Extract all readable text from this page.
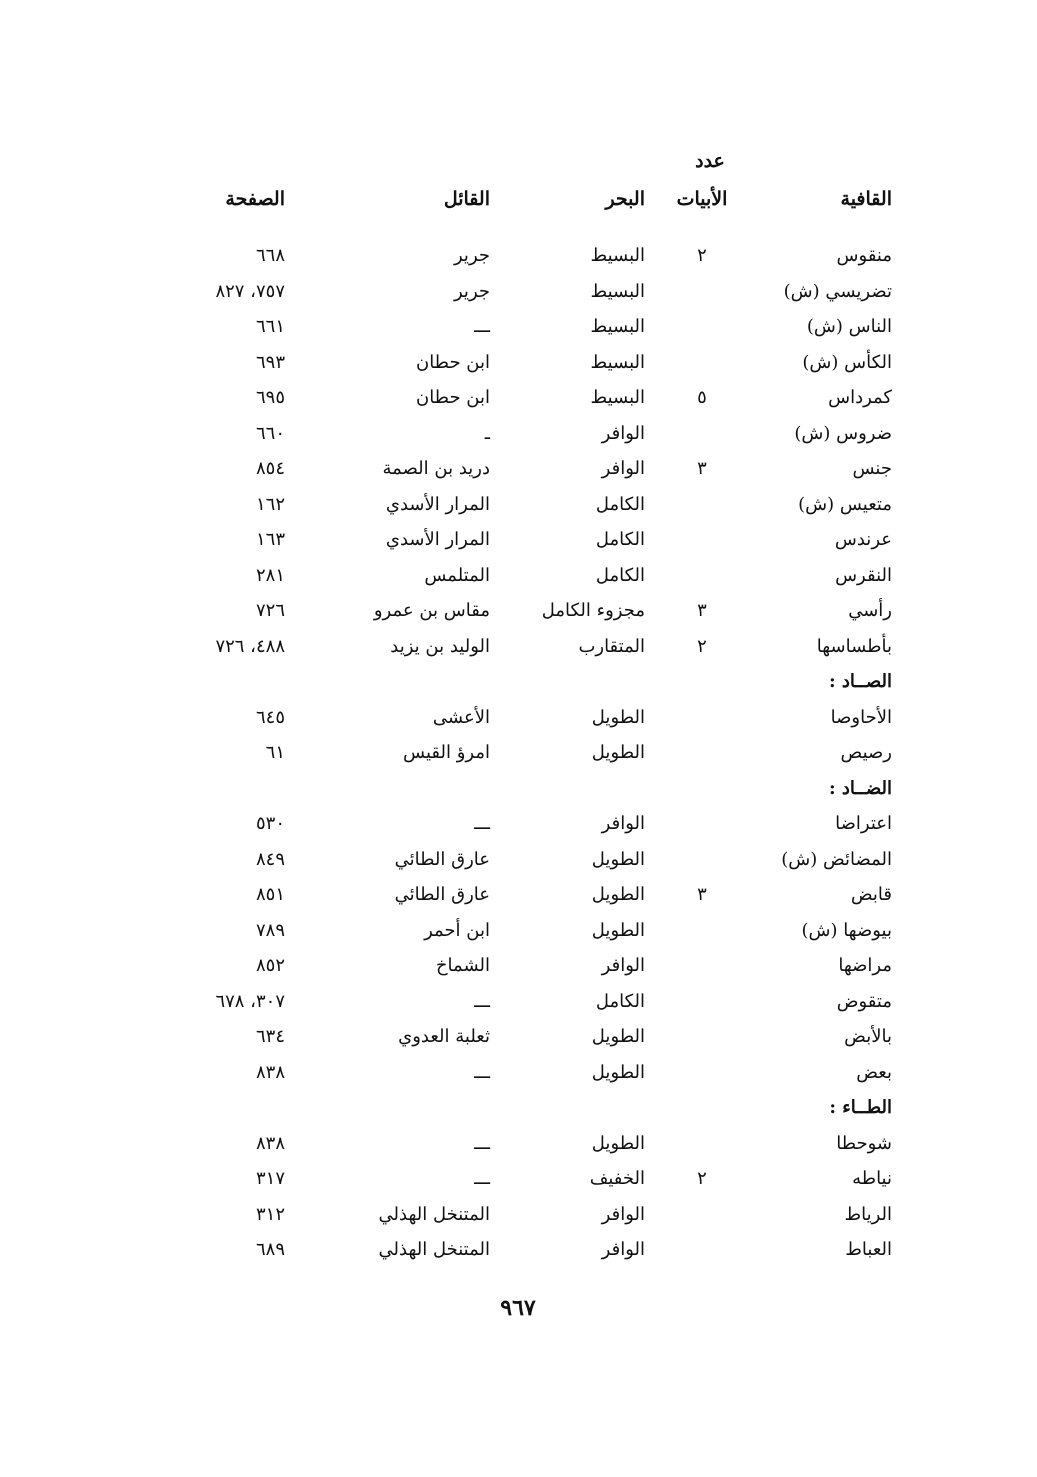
عدد
القافية
الأبيات
البحر
القائل
الصفحة
منقوس
٢
البسيط
جرير
٦٦٨
تضريسي (ش)
البسيط
جرير
٧٥٧، ٨٢٧
الناس (ش)
البسيط
ـــ
٦٦١
الكأس (ش)
البسيط
ابن حطان
٦٩٣
كمرداس
٥
البسيط
ابن حطان
٦٩٥
ضروس (ش)
الوافر
ـ
٦٦٠
جنس
٣
الوافر
دريد بن الصمة
٨٥٤
متعيس (ش)
الكامل
المرار الأسدي
١٦٢
عرندس
الكامل
المرار الأسدي
١٦٣
النقرس
الكامل
المتلمس
٢٨١
رأسي
٣
مجزوء الكامل
مقاس بن عمرو
٧٢٦
بأطساسها
٢
المتقارب
الوليد بن يزيد
٤٨٨، ٧٢٦
الصــاد :
الأحاوصا
الطويل
الأعشى
٦٤٥
رصيص
الطويل
امرؤ القيس
٦١
الضــاد :
اعتراضا
الوافر
ـــ
٥٣٠
المضائض (ش)
الطويل
عارق الطائي
٨٤٩
قابض
٣
الطويل
عارق الطائي
٨٥١
بيوضها (ش)
الطويل
ابن أحمر
٧٨٩
مراضها
الوافر
الشماخ
٨٥٢
متقوض
الكامل
ـــ
٣٠٧، ٦٧٨
بالأبض
الطويل
ثعلبة العدوي
٦٣٤
بعض
الطويل
ـــ
٨٣٨
الطــاء :
شوحطا
الطويل
ـــ
٨٣٨
نياطه
٢
الخفيف
ـــ
٣١٧
الرياط
الوافر
المتنخل الهذلي
٣١٢
العباط
الوافر
المتنخل الهذلي
٦٨٩
٩٦٧
